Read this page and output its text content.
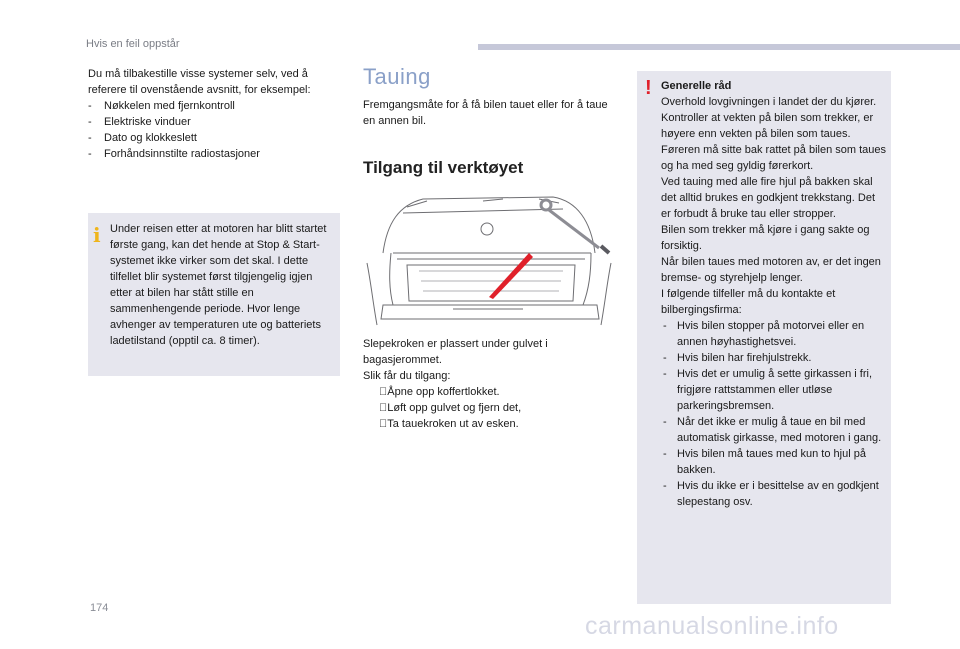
Hvis en feil oppstår

Du må tilbakestille visse systemer selv, ved å referere til ovenstående avsnitt, for eksempel:

- Nøkkelen med fjernkontroll
- Elektriske vinduer
- Dato og klokkeslett
- Forhåndsinnstilte radiostasjoner
i Under reisen etter at motoren har blitt startet første gang, kan det hende at Stop & Start-systemet ikke virker som det skal. I dette tilfellet blir systemet først tilgjengelig igjen etter at bilen har stått stille en sammenhengende periode. Hvor lenge avhenger av temperaturen ute og batteriets ladetilstand (opptil ca. 8 timer).
Tauing
Fremgangsmåte for å få bilen tauet eller for å taue en annen bil.
Tilgang til verktøyet

Slepekroken er plassert under gulvet i bagasjerommet.

Slik får du tilgang:

Åpne opp koffertlokket.
Løft opp gulvet og fjern det,
Ta tauekroken ut av esken.
! Generelle råd

Overhold lovgivningen i landet der du kjører.

Kontroller at vekten på bilen som trekker, er høyere enn vekten på bilen som taues.

Føreren må sitte bak rattet på bilen som taues og ha med seg gyldig førerkort.

Ved tauing med alle fire hjul på bakken skal det alltid brukes en godkjent trekkstang. Det er forbudt å bruke tau eller stropper.

Bilen som trekker må kjøre i gang sakte og forsiktig.

Når bilen taues med motoren av, er det ingen bremse- og styrehjelp lenger.

I følgende tilfeller må du kontakte et bilbergingsfirma:

- Hvis bilen stopper på motorvei eller en annen høyhastighetsvei.
- Hvis bilen har firehjulstrekk.
- Hvis det er umulig å sette girkassen i fri, frigjøre rattstammen eller utløse parkeringsbremsen.
- Når det ikke er mulig å taue en bil med automatisk girkasse, med motoren i gang.
- Hvis bilen må taues med kun to hjul på bakken.
- Hvis du ikke er i besittelse av en godkjent slepestang osv.
174
carmanualsonline.info
